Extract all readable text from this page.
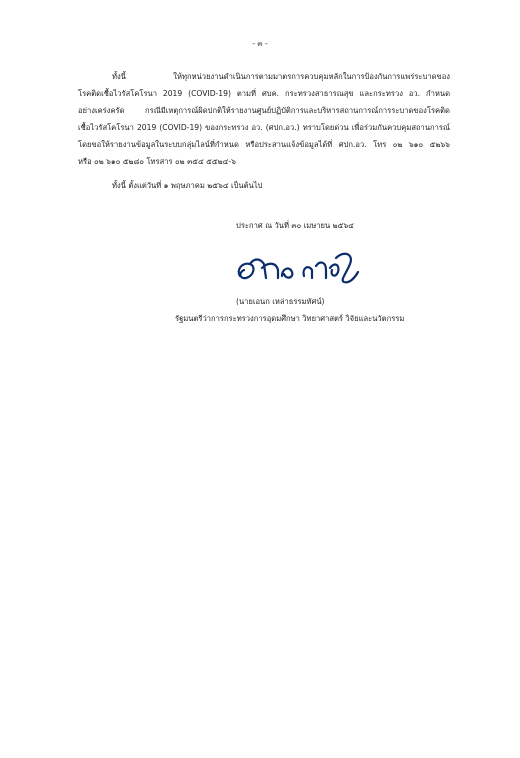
- ๓ -
ทั้งนี้ ให้ทุกหน่วยงานดำเนินการตามมาตรการควบคุมหลักในการป้องกันการแพร่ระบาดของ
โรคติดเชื้อไวรัสโคโรนา 2019 (COVID-19) ตามที่ ศบค. กระทรวงสาธารณสุข และกระทรวง อว. กำหนด
อย่างเคร่งครัด กรณีมีเหตุการณ์ผิดปกติให้รายงานศูนย์ปฏิบัติการและบริหารสถานการณ์การระบาดของโรคติด
เชื้อไวรัสโคโรนา 2019 (COVID-19) ของกระทรวง อว. (ศปก.อว.) ทราบโดยด่วน เพื่อร่วมกันควบคุมสถานการณ์
โดยขอให้รายงานข้อมูลในระบบกลุ่มไลน์ที่กำหนด หรือประสานแจ้งข้อมูลได้ที่ ศปก.อว. โทร ๐๒ ๖๑๐ ๕๒๖๖
หรือ ๐๒ ๖๑๐ ๕๒๘๐ โทรสาร ๐๒ ๓๕๔ ๕๕๒๔-๖
ทั้งนี้ ตั้งแต่วันที่ ๑ พฤษภาคม ๒๕๖๔ เป็นต้นไป
ประกาศ ณ วันที่ ๓๐ เมษายน ๒๕๖๔
(นายเอนก เหล่าธรรมทัศน์)
รัฐมนตรีว่าการกระทรวงการอุดมศึกษา วิทยาศาสตร์ วิจัยและนวัตกรรม
